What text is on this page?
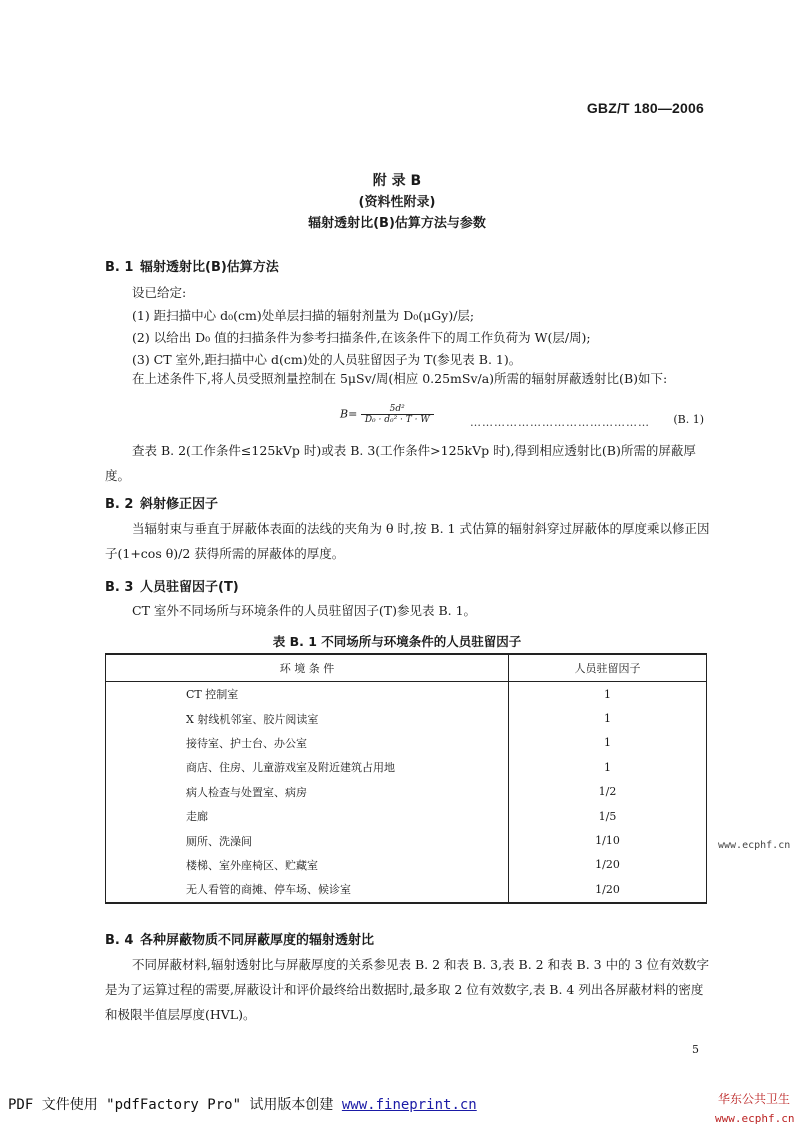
GBZ/T 180—2006
附 录 B
(资料性附录)
辐射透射比(B)估算方法与参数
B. 1 辐射透射比(B)估算方法
设已给定:
(1) 距扫描中心 d₀(cm)处单层扫描的辐射剂量为 D₀(μGy)/层;
(2) 以给出 D₀ 值的扫描条件为参考扫描条件,在该条件下的周工作负荷为 W(层/周);
(3) CT 室外,距扫描中心 d(cm)处的人员驻留因子为 T(参见表 B. 1)。
在上述条件下,将人员受照剂量控制在 5μSv/周(相应 0.25mSv/a)所需的辐射屏蔽透射比(B)如下:
$B= \frac{\text{5d²}}{\text{D₀ · d₀² · T · W}}$	……………………………………… (B. 1)
查表 B. 2(工作条件≤125kVp 时)或表 B. 3(工作条件>125kVp 时),得到相应透射比(B)所需的屏蔽厚度。
B. 2 斜射修正因子
当辐射束与垂直于屏蔽体表面的法线的夹角为 θ 时,按 B. 1 式估算的辐射斜穿过屏蔽体的厚度乘以修正因子(1+cos θ)/2 获得所需的屏蔽体的厚度。
B. 3 人员驻留因子(T)
CT 室外不同场所与环境条件的人员驻留因子(T)参见表 B. 1。
表 B. 1 不同场所与环境条件的人员驻留因子
环 境 条 件	人员驻留因子
CT 控制室	1
X 射线机邻室、胶片阅读室	1
接待室、护士台、办公室	1
商店、住房、儿童游戏室及附近建筑占用地	1
病人检查与处置室、病房	1/2
走廊	1/5
厕所、洗澡间	1/10
楼梯、室外座椅区、贮藏室	1/20
无人看管的商摊、停车场、候诊室	1/20
www.ecphf.cn
B. 4 各种屏蔽物质不同屏蔽厚度的辐射透射比
不同屏蔽材料,辐射透射比与屏蔽厚度的关系参见表 B. 2 和表 B. 3,表 B. 2 和表 B. 3 中的 3 位有效数字是为了运算过程的需要,屏蔽设计和评价最终给出数据时,最多取 2 位有效数字,表 B. 4 列出各屏蔽材料的密度和极限半值层厚度(HVL)。
5
PDF 文件使用 "pdfFactory Pro" 试用版本创建 www.fineprint.cn	华东公共卫生
www.ecphf.cn
